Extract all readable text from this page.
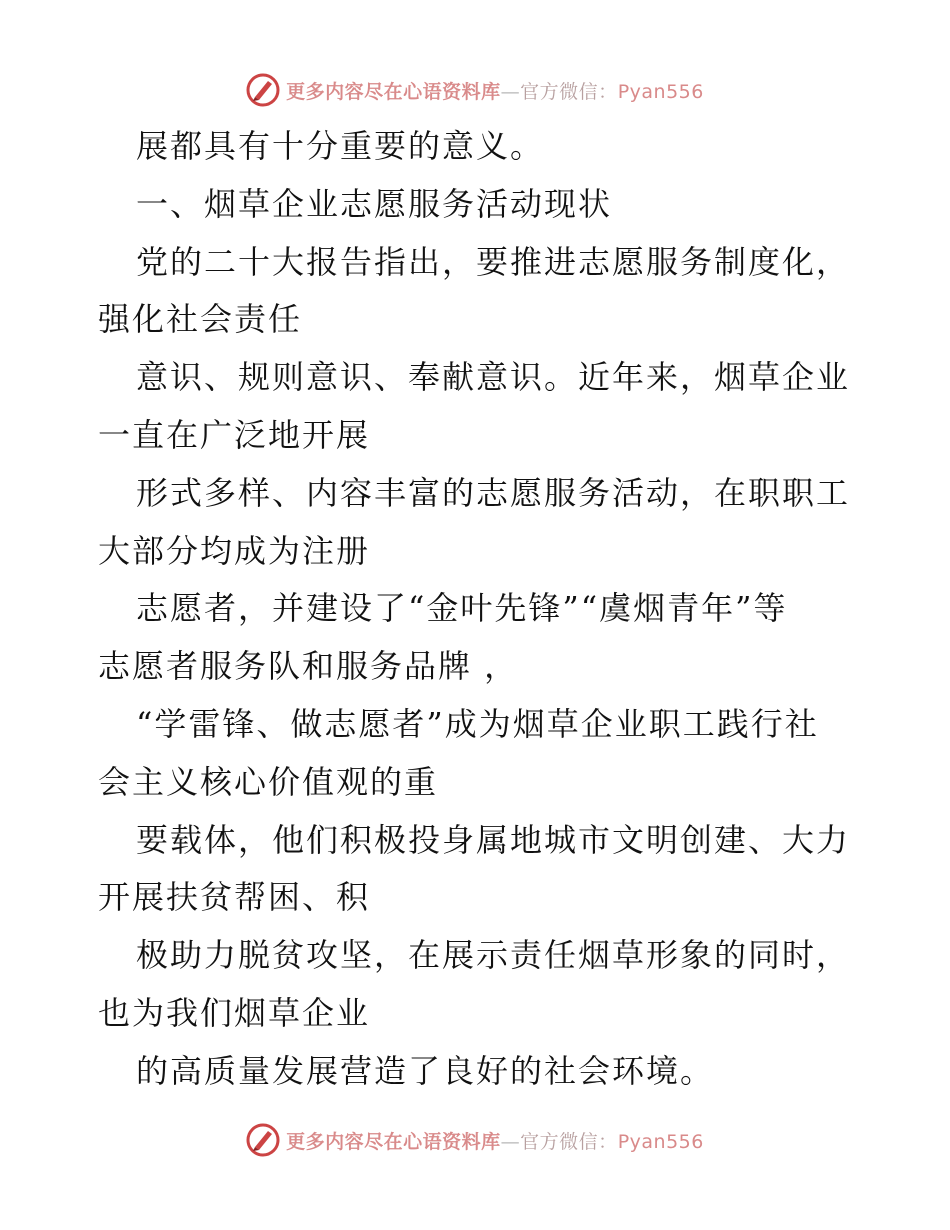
更多内容尽在心语资料库—官方微信：Pyan556
展都具有十分重要的意义。
一、烟草企业志愿服务活动现状
党的二十大报告指出，要推进志愿服务制度化，
强化社会责任
意识、规则意识、奉献意识。近年来，烟草企业
一直在广泛地开展
形式多样、内容丰富的志愿服务活动，在职职工
大部分均成为注册
志愿者，并建设了“金叶先锋”“虞烟青年”等
志愿者服务队和服务品牌 ，
“学雷锋、做志愿者”成为烟草企业职工践行社
会主义核心价值观的重
要载体，他们积极投身属地城市文明创建、大力
开展扶贫帮困、积
极助力脱贫攻坚，在展示责任烟草形象的同时，
也为我们烟草企业
的高质量发展营造了良好的社会环境。
更多内容尽在心语资料库—官方微信：Pyan556
